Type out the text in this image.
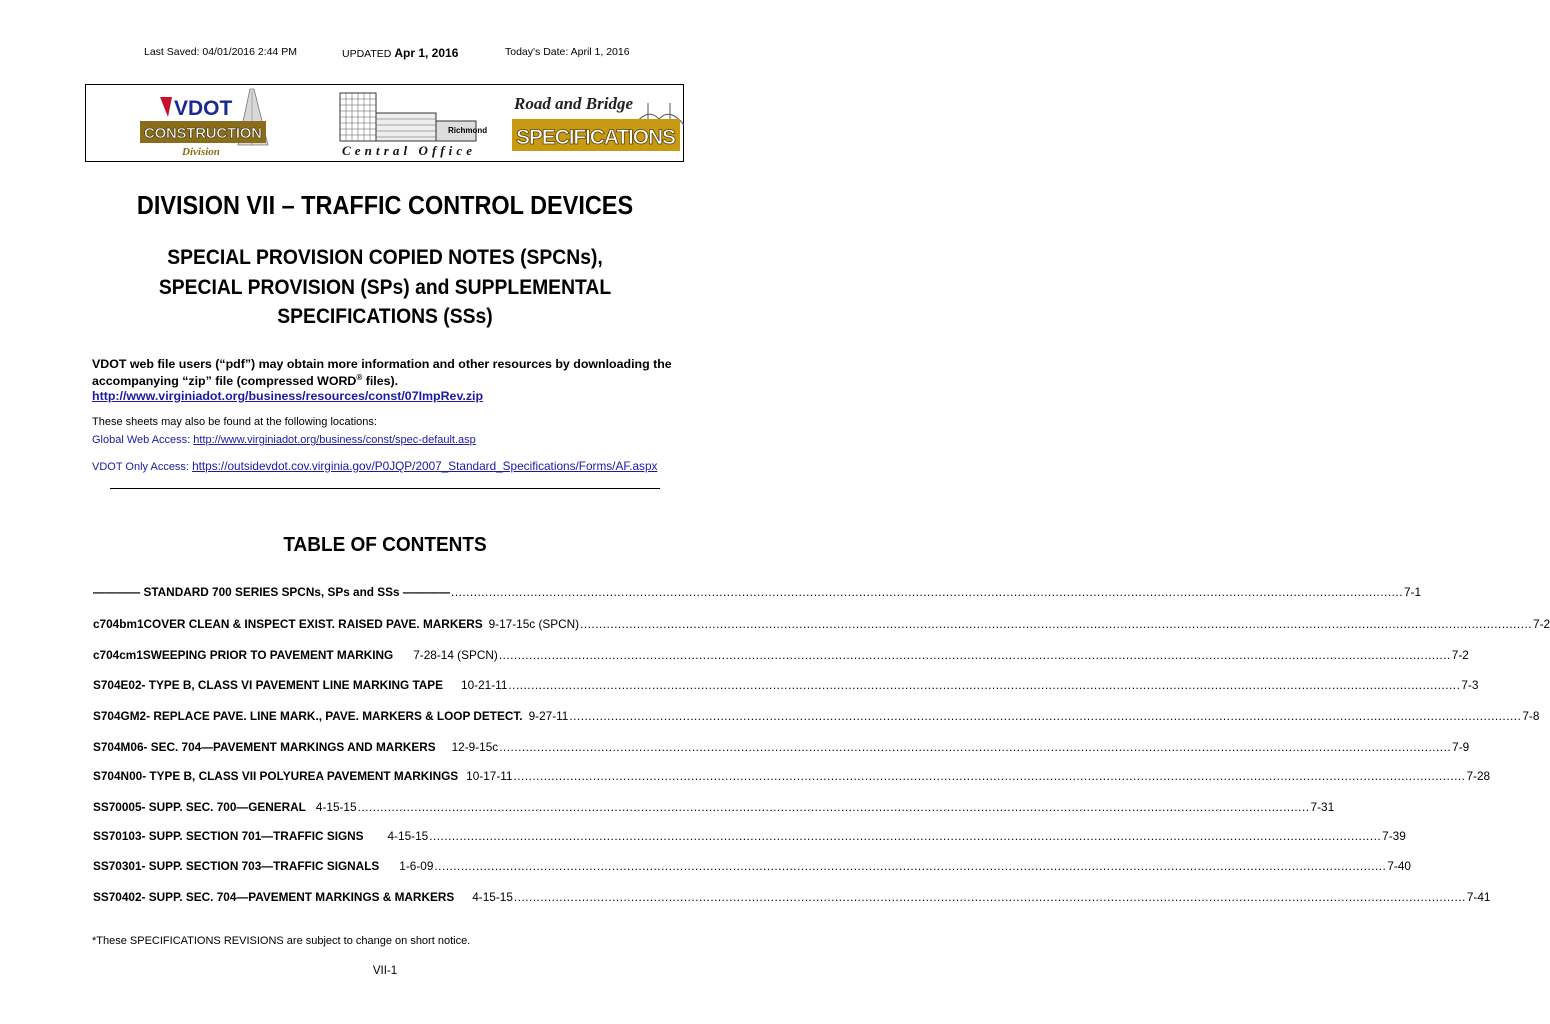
Last Saved: 04/01/2016 2:44 PM	UPDATED Apr 1, 2016	Today's Date: April 1, 2016
VDOT
CONSTRUCTION
Division
Richmond
Central Office
Road and Bridge
SPECIFICATIONS
DIVISION VII – TRAFFIC CONTROL DEVICES
SPECIAL PROVISION COPIED NOTES (SPCNs),
SPECIAL PROVISION (SPs) and SUPPLEMENTAL
SPECIFICATIONS (SSs)
VDOT web file users (“pdf”) may obtain more information and other resources by downloading the
accompanying “zip” file (compressed WORD® files).
http://www.virginiadot.org/business/resources/const/07ImpRev.zip
These sheets may also be found at the following locations:
Global Web Access: http://www.virginiadot.org/business/const/spec-default.asp
VDOT Only Access: https://outsidevdot.cov.virginia.gov/P0JQP/2007_Standard_Specifications/Forms/AF.aspx
TABLE OF CONTENTS
———— STANDARD 700 SERIES SPCNs, SPs and SSs ———— .....	7-1
c704bm1 COVER CLEAN & INSPECT EXIST. RAISED PAVE. MARKERS 9-17-15c (SPCN) .....	7-2
c704cm1 SWEEPING PRIOR TO PAVEMENT MARKING 7-28-14 (SPCN) .....	7-2
S704E02 - TYPE B, CLASS VI PAVEMENT LINE MARKING TAPE 10-21-11 .....	7-3
S704GM2 - REPLACE PAVE. LINE MARK., PAVE. MARKERS & LOOP DETECT. 9-27-11 .....	7-8
S704M06 - SEC. 704—PAVEMENT MARKINGS AND MARKERS 12-9-15c .....	7-9
S704N00 - TYPE B, CLASS VII POLYUREA PAVEMENT MARKINGS 10-17-11 .....	7-28
SS70005 - SUPP. SEC. 700—GENERAL 4-15-15 .....	7-31
SS70103 - SUPP. SECTION 701—TRAFFIC SIGNS 4-15-15 .....	7-39
SS70301 - SUPP. SECTION 703—TRAFFIC SIGNALS 1-6-09 .....	7-40
SS70402 - SUPP. SEC. 704—PAVEMENT MARKINGS & MARKERS 4-15-15 .....	7-41
*These SPECIFICATIONS REVISIONS are subject to change on short notice.
VII-1
